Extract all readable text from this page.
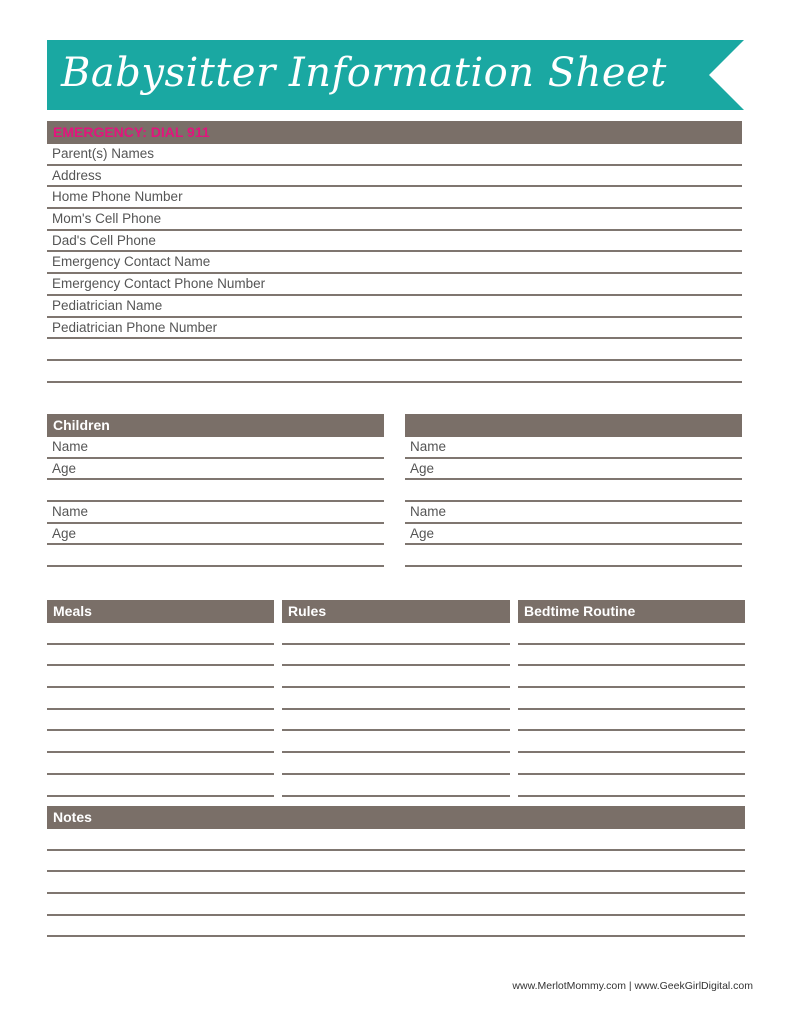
Babysitter Information Sheet
EMERGENCY: DIAL 911
Parent(s) Names
Address
Home Phone Number
Mom's Cell Phone
Dad's Cell Phone
Emergency Contact Name
Emergency Contact Phone Number
Pediatrician Name
Pediatrician Phone Number
Children
Name
Age
Name
Age
Name
Age
Name
Age
Meals	Rules	Bedtime Routine
Notes
www.MerlotMommy.com | www.GeekGirlDigital.com
